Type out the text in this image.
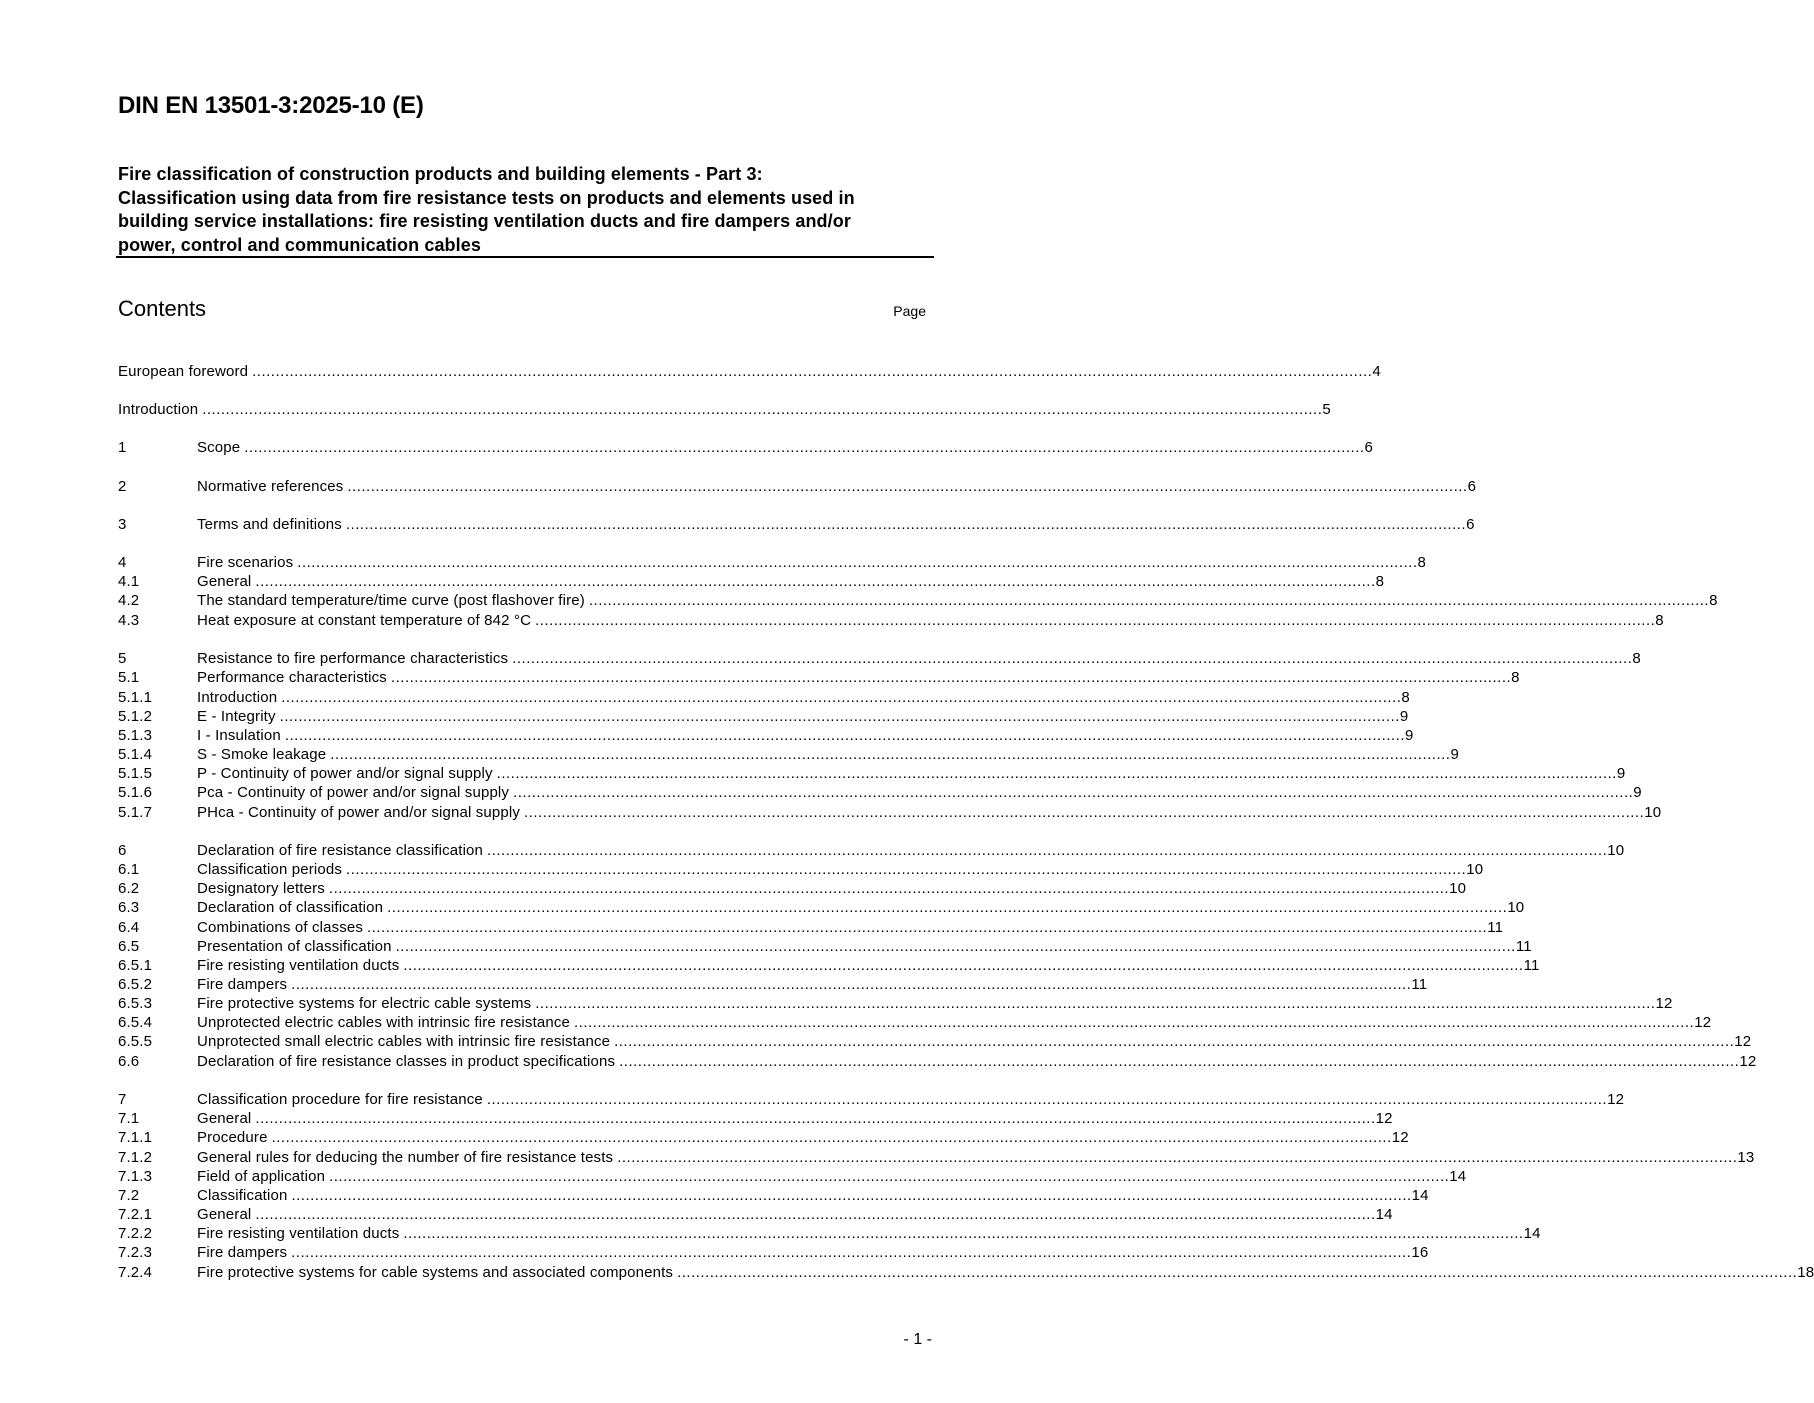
DIN EN 13501-3:2025-10 (E)
Fire classification of construction products and building elements - Part 3:
Classification using data from fire resistance tests on products and elements used in
building service installations: fire resisting ventilation ducts and fire dampers and/or
power, control and communication cables
Contents	Page
European foreword ................................................................................................................................................................................................................................................ 4
Introduction ................................................................................................................................................................................................................................................ 5
1	Scope ................................................................................................................................................................................................................................................ 6
2	Normative references ................................................................................................................................................................................................................................................ 6
3	Terms and definitions ................................................................................................................................................................................................................................................ 6
4	Fire scenarios ................................................................................................................................................................................................................................................ 8
4.1	General ................................................................................................................................................................................................................................................ 8
4.2	The standard temperature/time curve (post flashover fire) ................................................................................................................................................................................................................................................ 8
4.3	Heat exposure at constant temperature of 842 °C ................................................................................................................................................................................................................................................ 8
5	Resistance to fire performance characteristics ................................................................................................................................................................................................................................................ 8
5.1	Performance characteristics ................................................................................................................................................................................................................................................ 8
5.1.1	Introduction ................................................................................................................................................................................................................................................ 8
5.1.2	E - Integrity ................................................................................................................................................................................................................................................ 9
5.1.3	I - Insulation ................................................................................................................................................................................................................................................ 9
5.1.4	S - Smoke leakage ................................................................................................................................................................................................................................................ 9
5.1.5	P - Continuity of power and/or signal supply ................................................................................................................................................................................................................................................ 9
5.1.6	Pca - Continuity of power and/or signal supply ................................................................................................................................................................................................................................................ 9
5.1.7	PHca - Continuity of power and/or signal supply ................................................................................................................................................................................................................................................ 10
6	Declaration of fire resistance classification ................................................................................................................................................................................................................................................ 10
6.1	Classification periods ................................................................................................................................................................................................................................................ 10
6.2	Designatory letters ................................................................................................................................................................................................................................................ 10
6.3	Declaration of classification ................................................................................................................................................................................................................................................ 10
6.4	Combinations of classes ................................................................................................................................................................................................................................................ 11
6.5	Presentation of classification ................................................................................................................................................................................................................................................ 11
6.5.1	Fire resisting ventilation ducts ................................................................................................................................................................................................................................................ 11
6.5.2	Fire dampers ................................................................................................................................................................................................................................................ 11
6.5.3	Fire protective systems for electric cable systems ................................................................................................................................................................................................................................................ 12
6.5.4	Unprotected electric cables with intrinsic fire resistance ................................................................................................................................................................................................................................................ 12
6.5.5	Unprotected small electric cables with intrinsic fire resistance ................................................................................................................................................................................................................................................ 12
6.6	Declaration of fire resistance classes in product specifications ................................................................................................................................................................................................................................................ 12
7	Classification procedure for fire resistance ................................................................................................................................................................................................................................................ 12
7.1	General ................................................................................................................................................................................................................................................ 12
7.1.1	Procedure ................................................................................................................................................................................................................................................ 12
7.1.2	General rules for deducing the number of fire resistance tests ................................................................................................................................................................................................................................................ 13
7.1.3	Field of application ................................................................................................................................................................................................................................................ 14
7.2	Classification ................................................................................................................................................................................................................................................ 14
7.2.1	General ................................................................................................................................................................................................................................................ 14
7.2.2	Fire resisting ventilation ducts ................................................................................................................................................................................................................................................ 14
7.2.3	Fire dampers ................................................................................................................................................................................................................................................ 16
7.2.4	Fire protective systems for cable systems and associated components ................................................................................................................................................................................................................................................ 18
- 1 -
